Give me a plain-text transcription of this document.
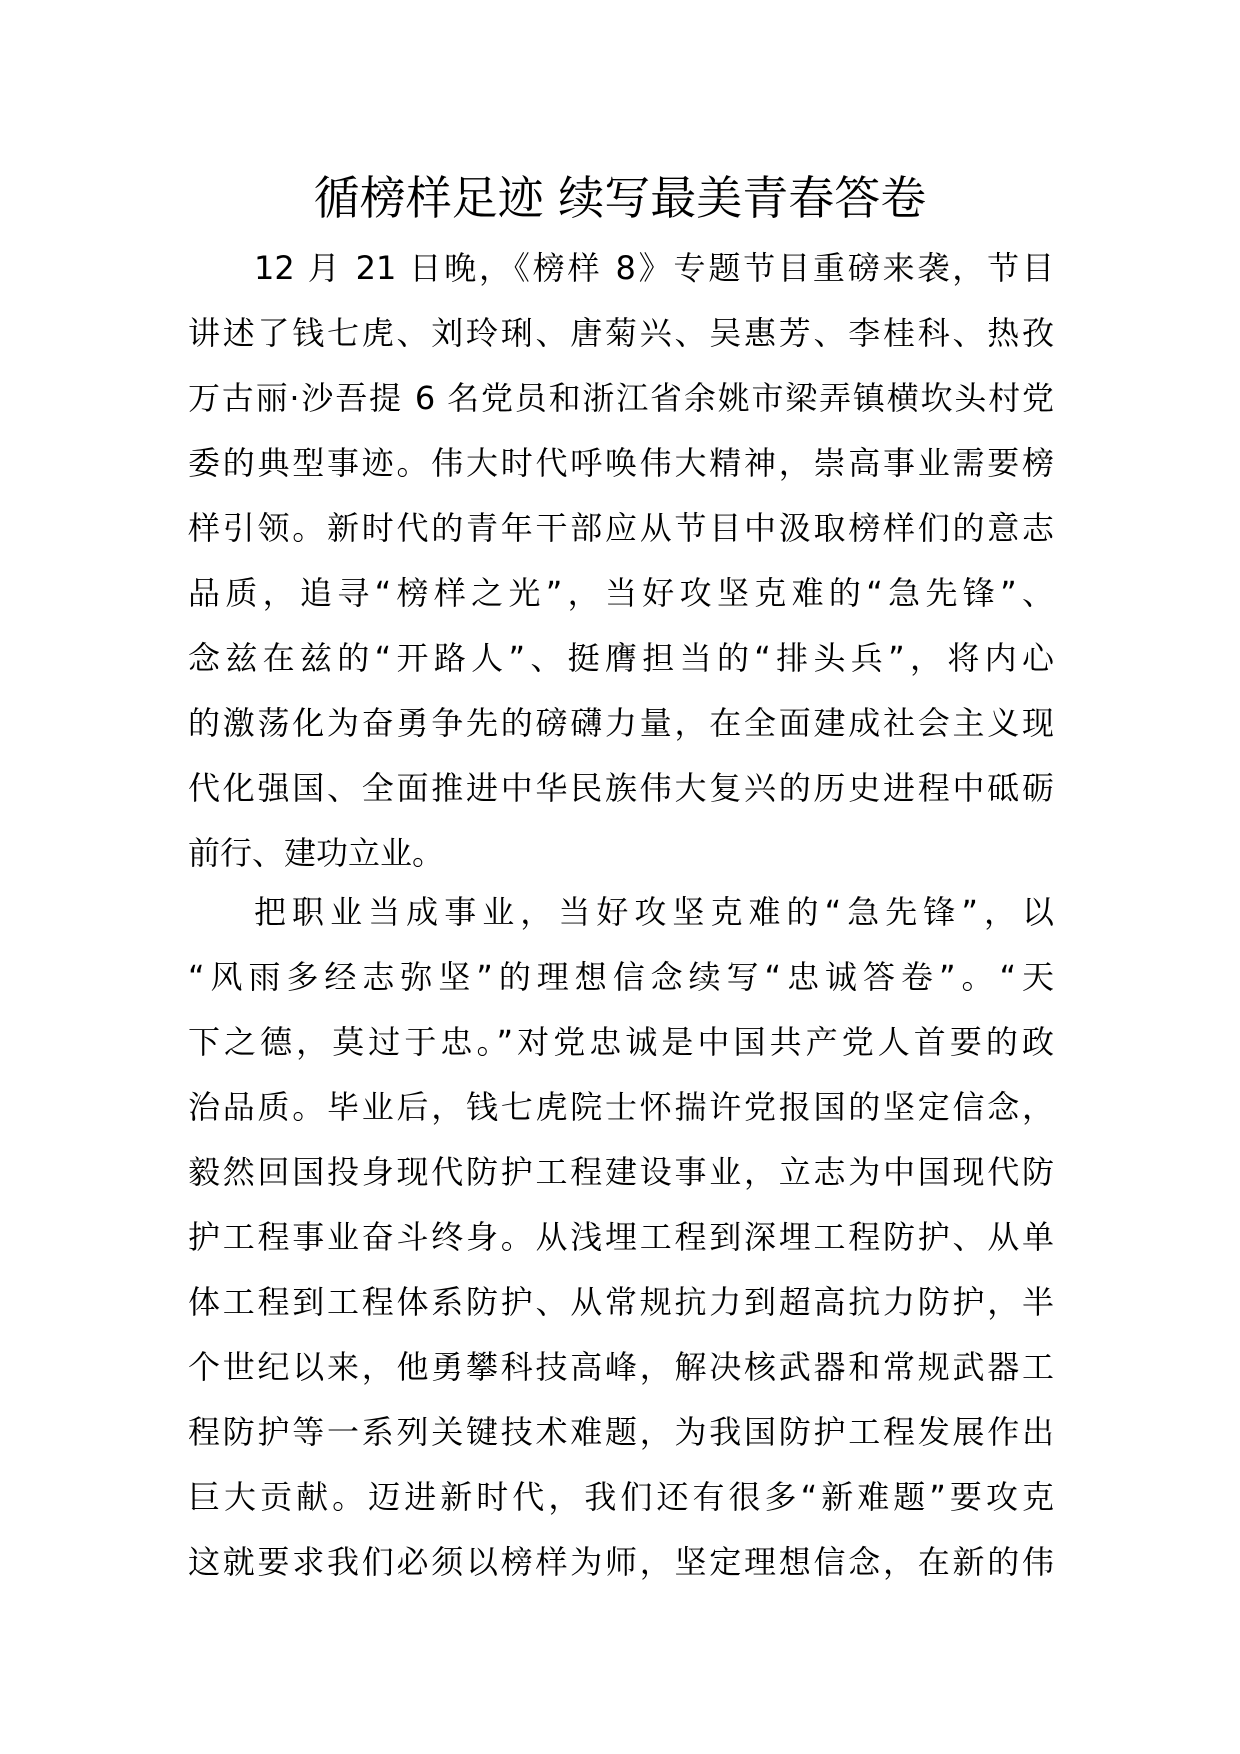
循榜样足迹 续写最美青春答卷
12 月 21 日晚，《榜样 8》专题节目重磅来袭，节目
讲述了钱七虎、刘玲琍、唐菊兴、吴惠芳、李桂科、热孜
万古丽·沙吾提 6 名党员和浙江省余姚市梁弄镇横坎头村党
委的典型事迹。伟大时代呼唤伟大精神，崇高事业需要榜
样引领。新时代的青年干部应从节目中汲取榜样们的意志
品质，追寻“榜样之光”，当好攻坚克难的“急先锋”、
念兹在兹的“开路人”、挺膺担当的“排头兵”，将内心
的激荡化为奋勇争先的磅礴力量，在全面建成社会主义现
代化强国、全面推进中华民族伟大复兴的历史进程中砥砺
前行、建功立业。
把职业当成事业，当好攻坚克难的“急先锋”，以
“风雨多经志弥坚”的理想信念续写“忠诚答卷”。“天
下之德，莫过于忠。”对党忠诚是中国共产党人首要的政
治品质。毕业后，钱七虎院士怀揣许党报国的坚定信念，
毅然回国投身现代防护工程建设事业，立志为中国现代防
护工程事业奋斗终身。从浅埋工程到深埋工程防护、从单
体工程到工程体系防护、从常规抗力到超高抗力防护，半
个世纪以来，他勇攀科技高峰，解决核武器和常规武器工
程防护等一系列关键技术难题，为我国防护工程发展作出
巨大贡献。迈进新时代，我们还有很多“新难题”要攻克
这就要求我们必须以榜样为师，坚定理想信念，在新的伟
